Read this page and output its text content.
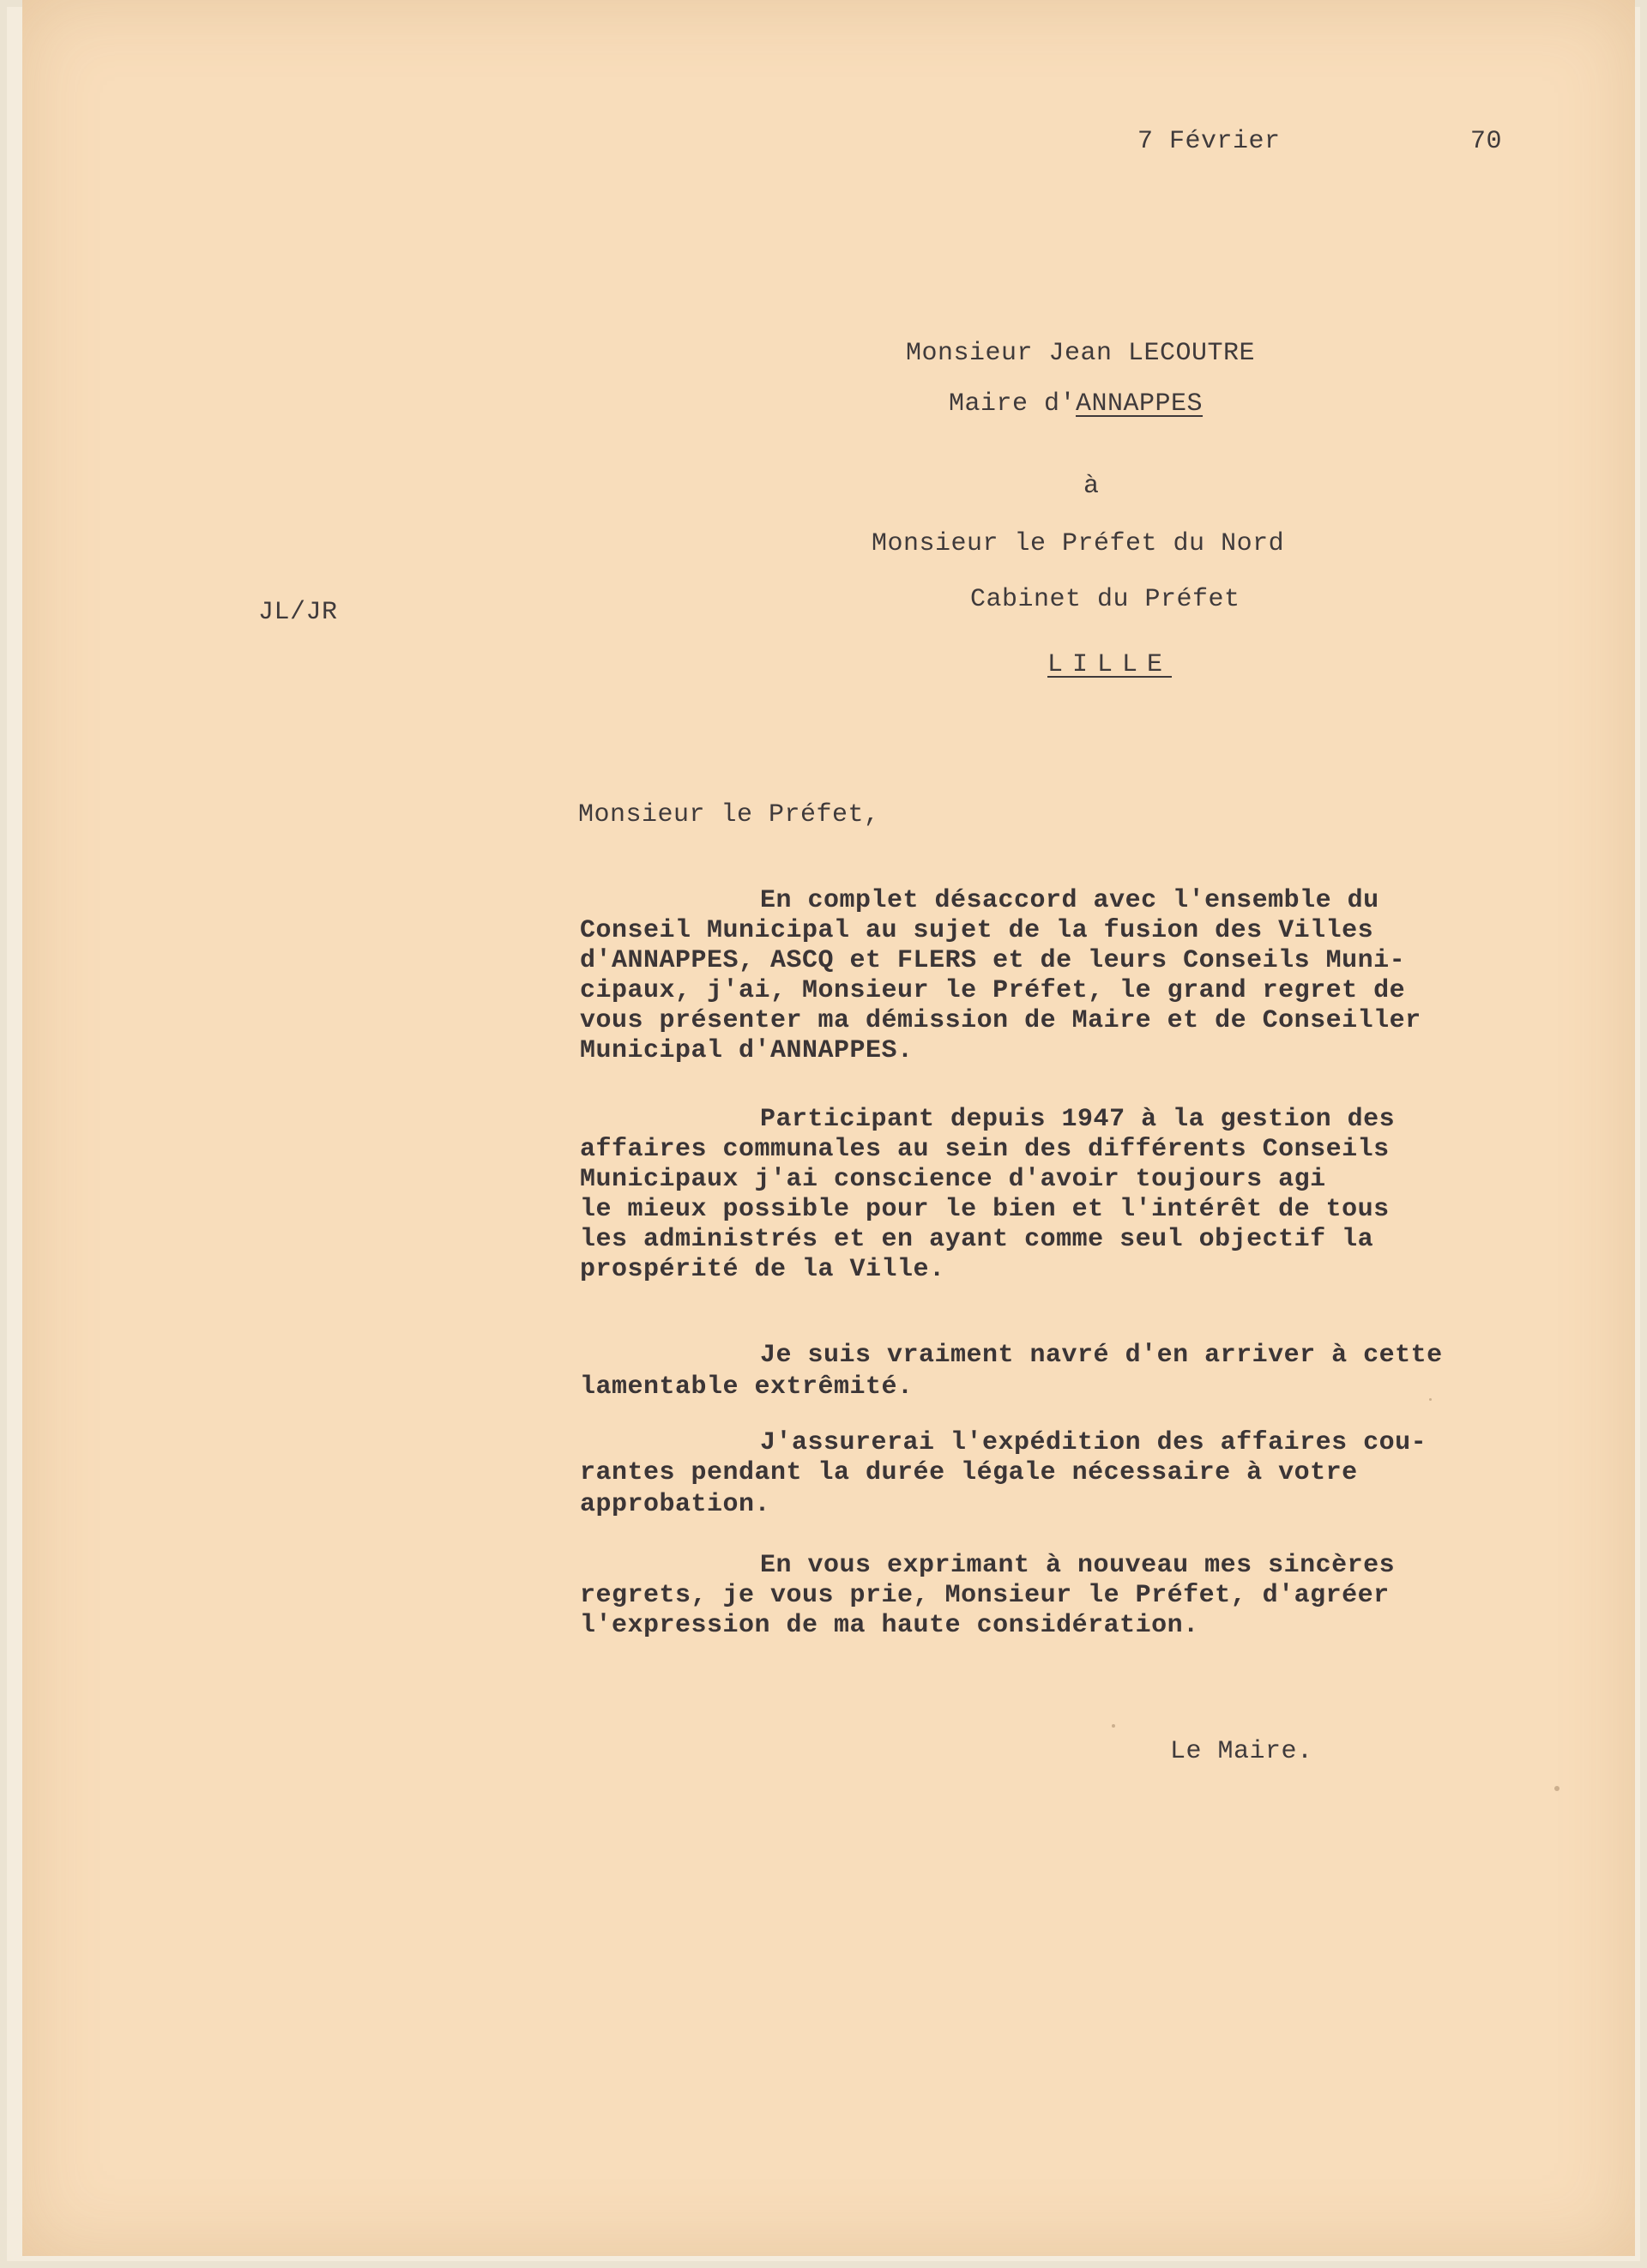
7 Février	70
Monsieur Jean LECOUTRE
Maire d'ANNAPPES
à
Monsieur le Préfet du Nord
Cabinet du Préfet
LILLE
JL/JR
Monsieur le Préfet,
En complet désaccord avec l'ensemble du
Conseil Municipal au sujet de la fusion des Villes
d'ANNAPPES, ASCQ et FLERS et de leurs Conseils Muni-
cipaux, j'ai, Monsieur le Préfet, le grand regret de
vous présenter ma démission de Maire et de Conseiller
Municipal d'ANNAPPES.
Participant depuis 1947 à la gestion des
affaires communales au sein des différents Conseils
Municipaux j'ai conscience d'avoir toujours agi
le mieux possible pour le bien et l'intérêt de tous
les administrés et en ayant comme seul objectif la
prospérité de la Ville.
Je suis vraiment navré d'en arriver à cette
lamentable extrêmité.
J'assurerai l'expédition des affaires cou-
rantes pendant la durée légale nécessaire à votre
approbation.
En vous exprimant à nouveau mes sincères
regrets, je vous prie, Monsieur le Préfet, d'agréer
l'expression de ma haute considération.
Le Maire.
